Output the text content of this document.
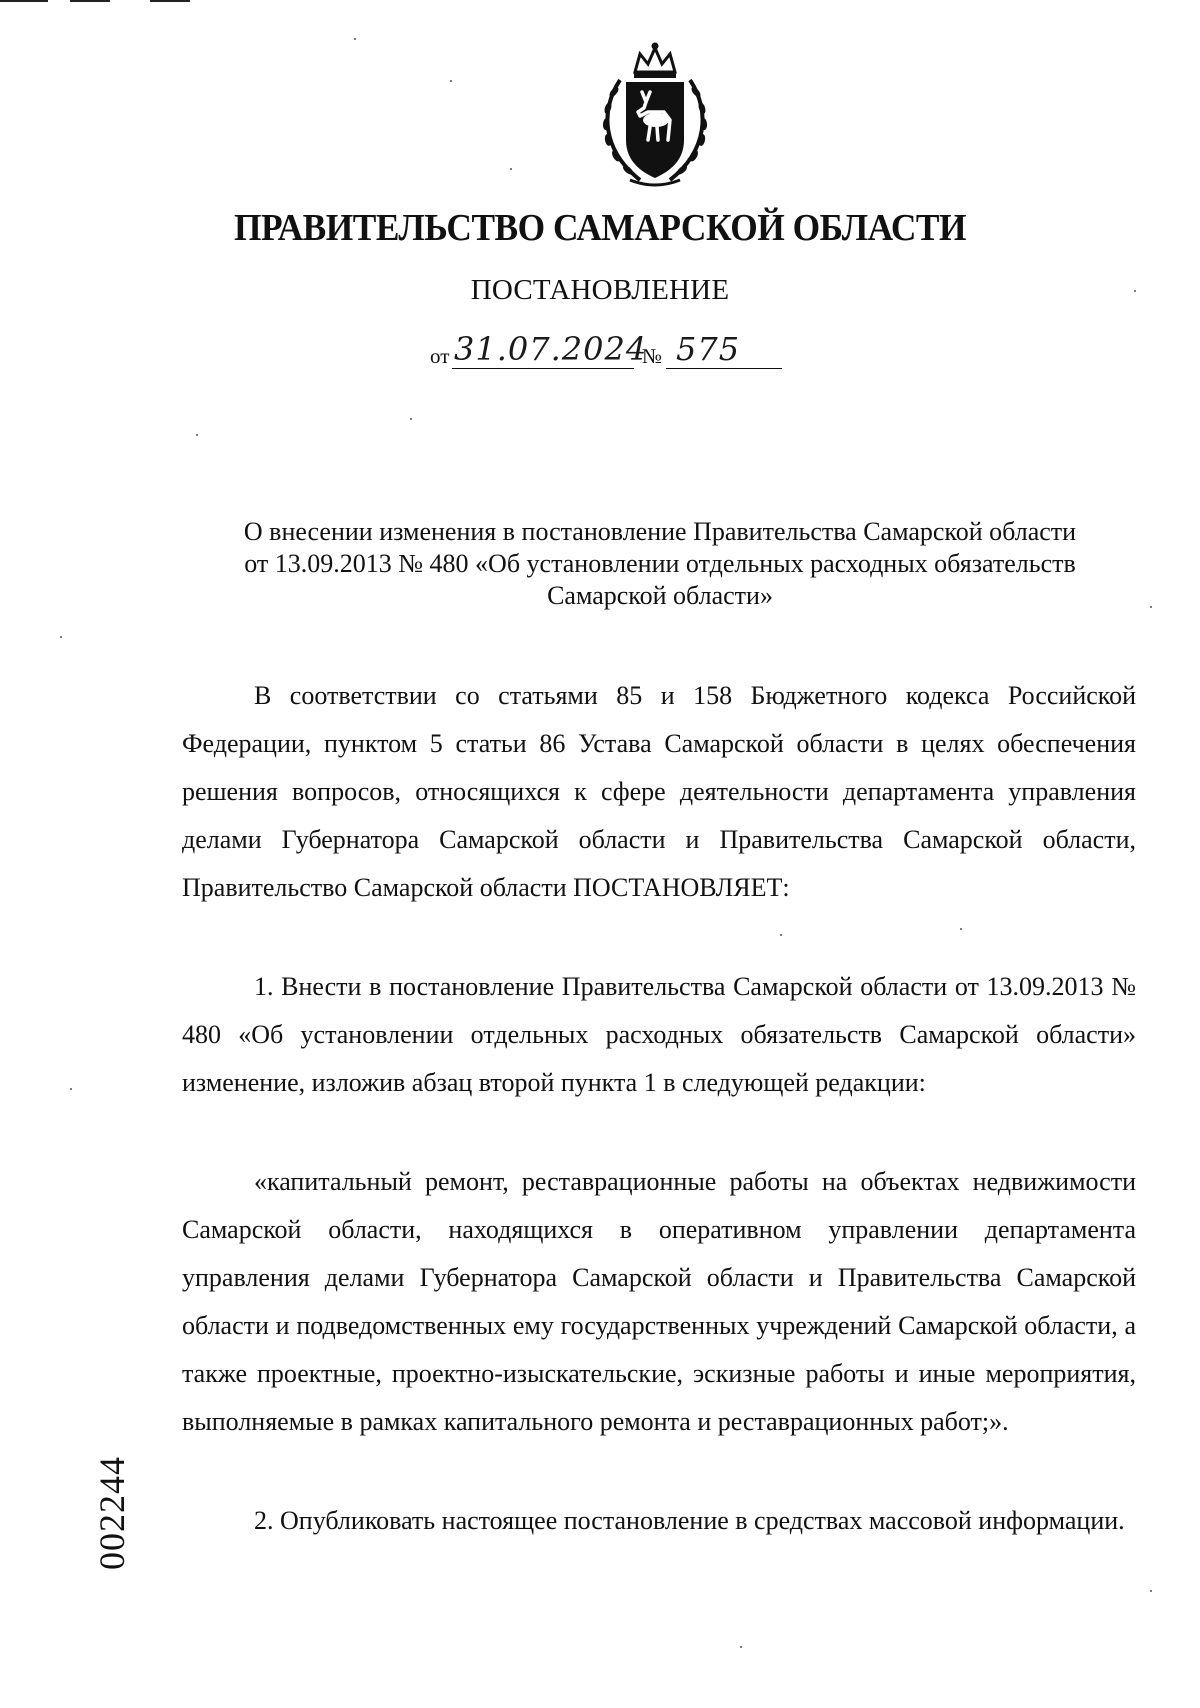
ПРАВИТЕЛЬСТВО САМАРСКОЙ ОБЛАСТИ
ПОСТАНОВЛЕНИЕ
от 31.07.2024
№ 575
О внесении изменения в постановление Правительства Самарской области
от 13.09.2013 № 480 «Об установлении отдельных расходных обязательств
Самарской области»
В соответствии со статьями 85 и 158 Бюджетного кодекса Российской Федерации, пунктом 5 статьи 86 Устава Самарской области в целях обеспечения решения вопросов, относящихся к сфере деятельности департамента управления делами Губернатора Самарской области и Правительства Самарской области, Правительство Самарской области ПОСТАНОВЛЯЕТ:
1. Внести в постановление Правительства Самарской области от 13.09.2013 № 480 «Об установлении отдельных расходных обязательств Самарской области» изменение, изложив абзац второй пункта 1 в следующей редакции:
«капитальный ремонт, реставрационные работы на объектах недвижимости Самарской области, находящихся в оперативном управлении департамента управления делами Губернатора Самарской области и Правительства Самарской области и подведомственных ему государственных учреждений Самарской области, а также проектные, проектно-изыскательские, эскизные работы и иные мероприятия, выполняемые в рамках капитального ремонта и реставрационных работ;».
2. Опубликовать настоящее постановление в средствах массовой информации.
002244
